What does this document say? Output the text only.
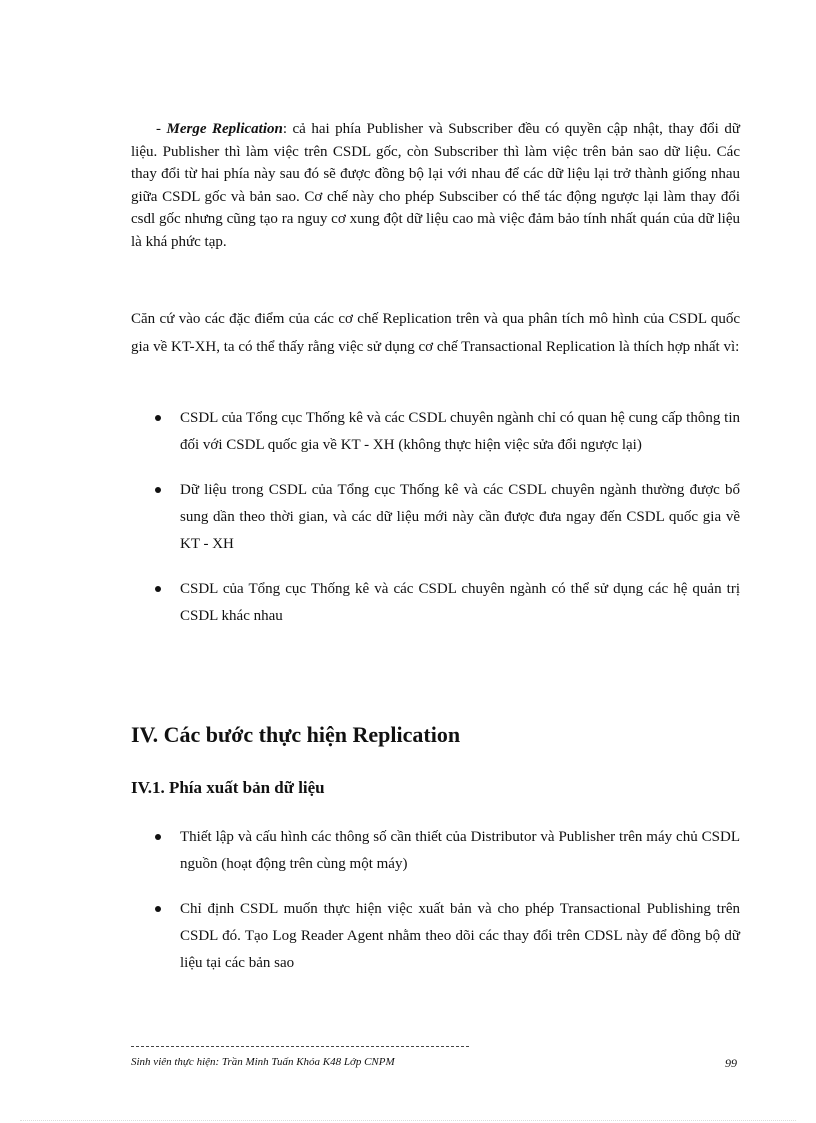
- Merge Replication: cả hai phía Publisher và Subscriber đều có quyền cập nhật, thay đổi dữ liệu. Publisher thì làm việc trên CSDL gốc, còn Subscriber thì làm việc trên bản sao dữ liệu. Các thay đổi từ hai phía này sau đó sẽ được đồng bộ lại với nhau để các dữ liệu lại trở thành giống nhau giữa CSDL gốc và bản sao. Cơ chế này cho phép Subsciber có thể tác động ngược lại làm thay đổi csdl gốc nhưng cũng tạo ra nguy cơ xung đột dữ liệu cao mà việc đảm bảo tính nhất quán của dữ liệu là khá phức tạp.

Căn cứ vào các đặc điểm của các cơ chế Replication trên và qua phân tích mô hình của CSDL quốc gia về KT-XH, ta có thể thấy rằng việc sử dụng cơ chế Transactional Replication là thích hợp nhất vì:

CSDL của Tổng cục Thống kê và các CSDL chuyên ngành chỉ có quan hệ cung cấp thông tin đối với CSDL quốc gia về KT - XH (không thực hiện việc sửa đổi ngược lại)
Dữ liệu trong CSDL của Tổng cục Thống kê và các CSDL chuyên ngành thường được bổ sung dần theo thời gian, và các dữ liệu mới này cần được đưa ngay đến CSDL quốc gia về KT - XH
CSDL của Tổng cục Thống kê và các CSDL chuyên ngành có thể sử dụng các hệ quản trị CSDL khác nhau
IV. Các bước thực hiện Replication
IV.1. Phía xuất bản dữ liệu
Thiết lập và cấu hình các thông số cần thiết của Distributor và Publisher trên máy chủ CSDL nguồn (hoạt động trên cùng một máy)
Chỉ định CSDL muốn thực hiện việc xuất bản và cho phép Transactional Publishing trên CSDL đó. Tạo Log Reader Agent nhằm theo dõi các thay đổi trên CDSL này để đồng bộ dữ liệu tại các bản sao
Sinh viên thực hiện: Trần Minh Tuấn Khóa K48 Lớp CNPM	99
